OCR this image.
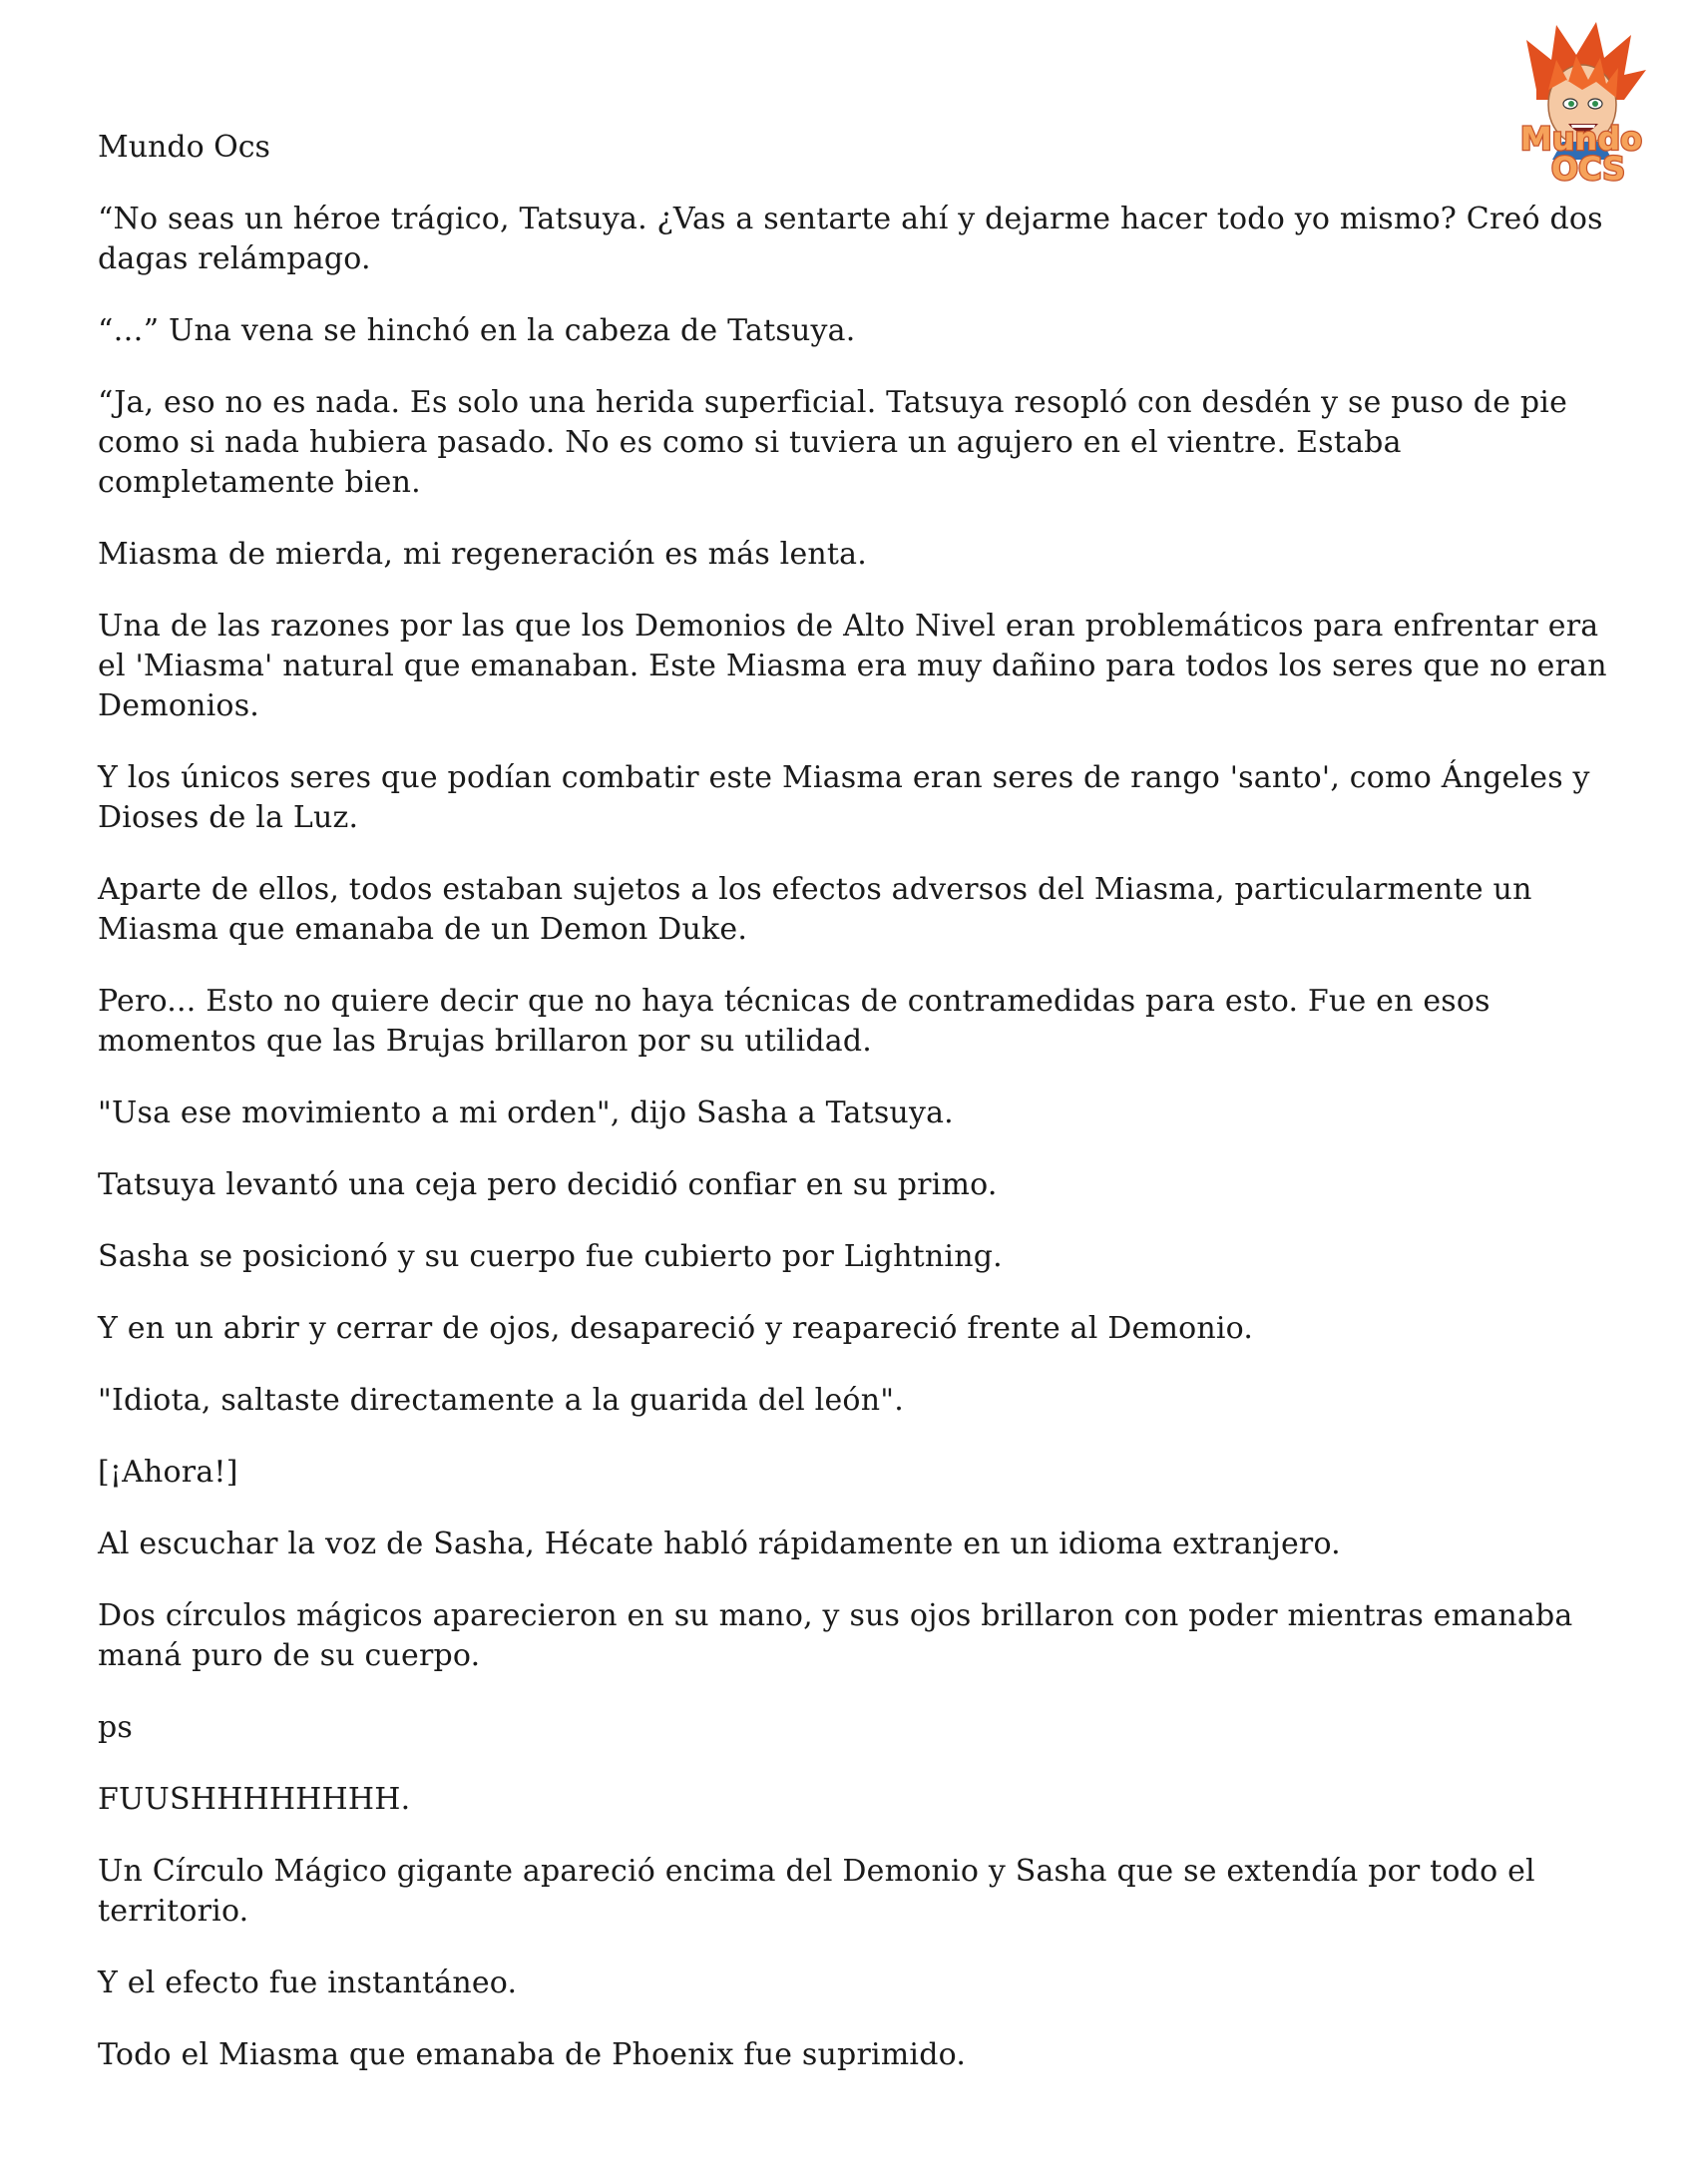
Mundo
OCS

Mundo Ocs

“No seas un héroe trágico, Tatsuya. ¿Vas a sentarte ahí y dejarme hacer todo yo mismo? Creó dos dagas relámpago.

“…” Una vena se hinchó en la cabeza de Tatsuya.

“Ja, eso no es nada. Es solo una herida superficial. Tatsuya resopló con desdén y se puso de pie como si nada hubiera pasado. No es como si tuviera un agujero en el vientre. Estaba completamente bien.

Miasma de mierda, mi regeneración es más lenta.

Una de las razones por las que los Demonios de Alto Nivel eran problemáticos para enfrentar era el 'Miasma' natural que emanaban. Este Miasma era muy dañino para todos los seres que no eran Demonios.

Y los únicos seres que podían combatir este Miasma eran seres de rango 'santo', como Ángeles y Dioses de la Luz.

Aparte de ellos, todos estaban sujetos a los efectos adversos del Miasma, particularmente un Miasma que emanaba de un Demon Duke.

Pero... Esto no quiere decir que no haya técnicas de contramedidas para esto. Fue en esos momentos que las Brujas brillaron por su utilidad.

"Usa ese movimiento a mi orden", dijo Sasha a Tatsuya.

Tatsuya levantó una ceja pero decidió confiar en su primo.

Sasha se posicionó y su cuerpo fue cubierto por Lightning.

Y en un abrir y cerrar de ojos, desapareció y reapareció frente al Demonio.

"Idiota, saltaste directamente a la guarida del león".

[¡Ahora!]

Al escuchar la voz de Sasha, Hécate habló rápidamente en un idioma extranjero.

Dos círculos mágicos aparecieron en su mano, y sus ojos brillaron con poder mientras emanaba maná puro de su cuerpo.

ps

FUUSHHHHHHHH.

Un Círculo Mágico gigante apareció encima del Demonio y Sasha que se extendía por todo el territorio.

Y el efecto fue instantáneo.

Todo el Miasma que emanaba de Phoenix fue suprimido.
